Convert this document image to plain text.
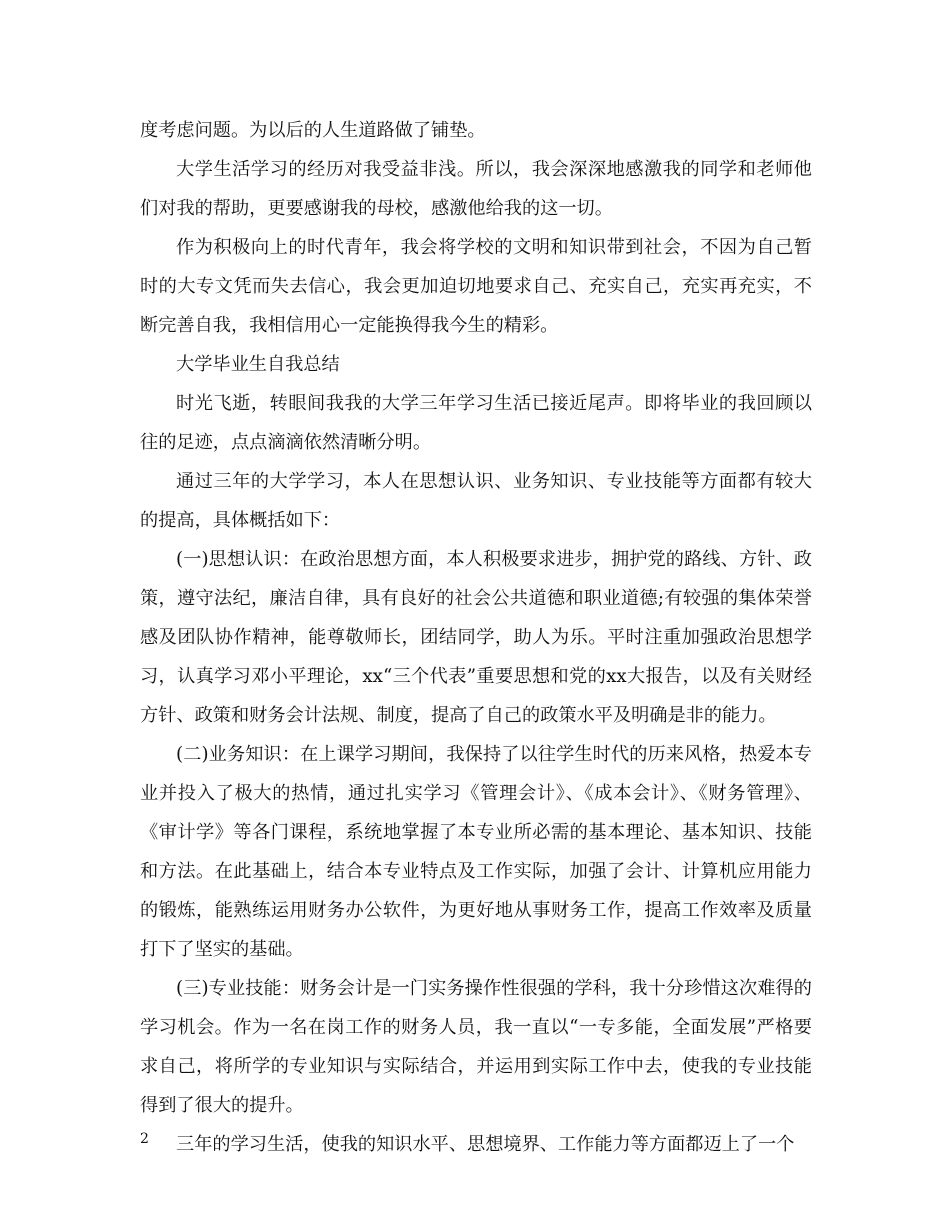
度考虑问题。为以后的人生道路做了铺垫。

大学生活学习的经历对我受益非浅。所以，我会深深地感激我的同学和老师他们对我的帮助，更要感谢我的母校，感激他给我的这一切。

作为积极向上的时代青年，我会将学校的文明和知识带到社会，不因为自己暂时的大专文凭而失去信心，我会更加迫切地要求自己、充实自己，充实再充实，不断完善自我，我相信用心一定能换得我今生的精彩。

大学毕业生自我总结

时光飞逝，转眼间我我的大学三年学习生活已接近尾声。即将毕业的我回顾以往的足迹，点点滴滴依然清晰分明。

通过三年的大学学习，本人在思想认识、业务知识、专业技能等方面都有较大的提高，具体概括如下：

(一)思想认识：在政治思想方面，本人积极要求进步，拥护党的路线、方针、政策，遵守法纪，廉洁自律，具有良好的社会公共道德和职业道德;有较强的集体荣誉感及团队协作精神，能尊敬师长，团结同学，助人为乐。平时注重加强政治思想学习，认真学习邓小平理论，xx“三个代表”重要思想和党的xx大报告，以及有关财经方针、政策和财务会计法规、制度，提高了自己的政策水平及明确是非的能力。

(二)业务知识：在上课学习期间，我保持了以往学生时代的历来风格，热爱本专业并投入了极大的热情，通过扎实学习《管理会计》、《成本会计》、《财务管理》、《审计学》等各门课程，系统地掌握了本专业所必需的基本理论、基本知识、技能和方法。在此基础上，结合本专业特点及工作实际，加强了会计、计算机应用能力的锻炼，能熟练运用财务办公软件，为更好地从事财务工作，提高工作效率及质量打下了坚实的基础。

(三)专业技能：财务会计是一门实务操作性很强的学科，我十分珍惜这次难得的学习机会。作为一名在岗工作的财务人员，我一直以“一专多能，全面发展”严格要求自己，将所学的专业知识与实际结合，并运用到实际工作中去，使我的专业技能得到了很大的提升。

三年的学习生活，使我的知识水平、思想境界、工作能力等方面都迈上了一个

2
